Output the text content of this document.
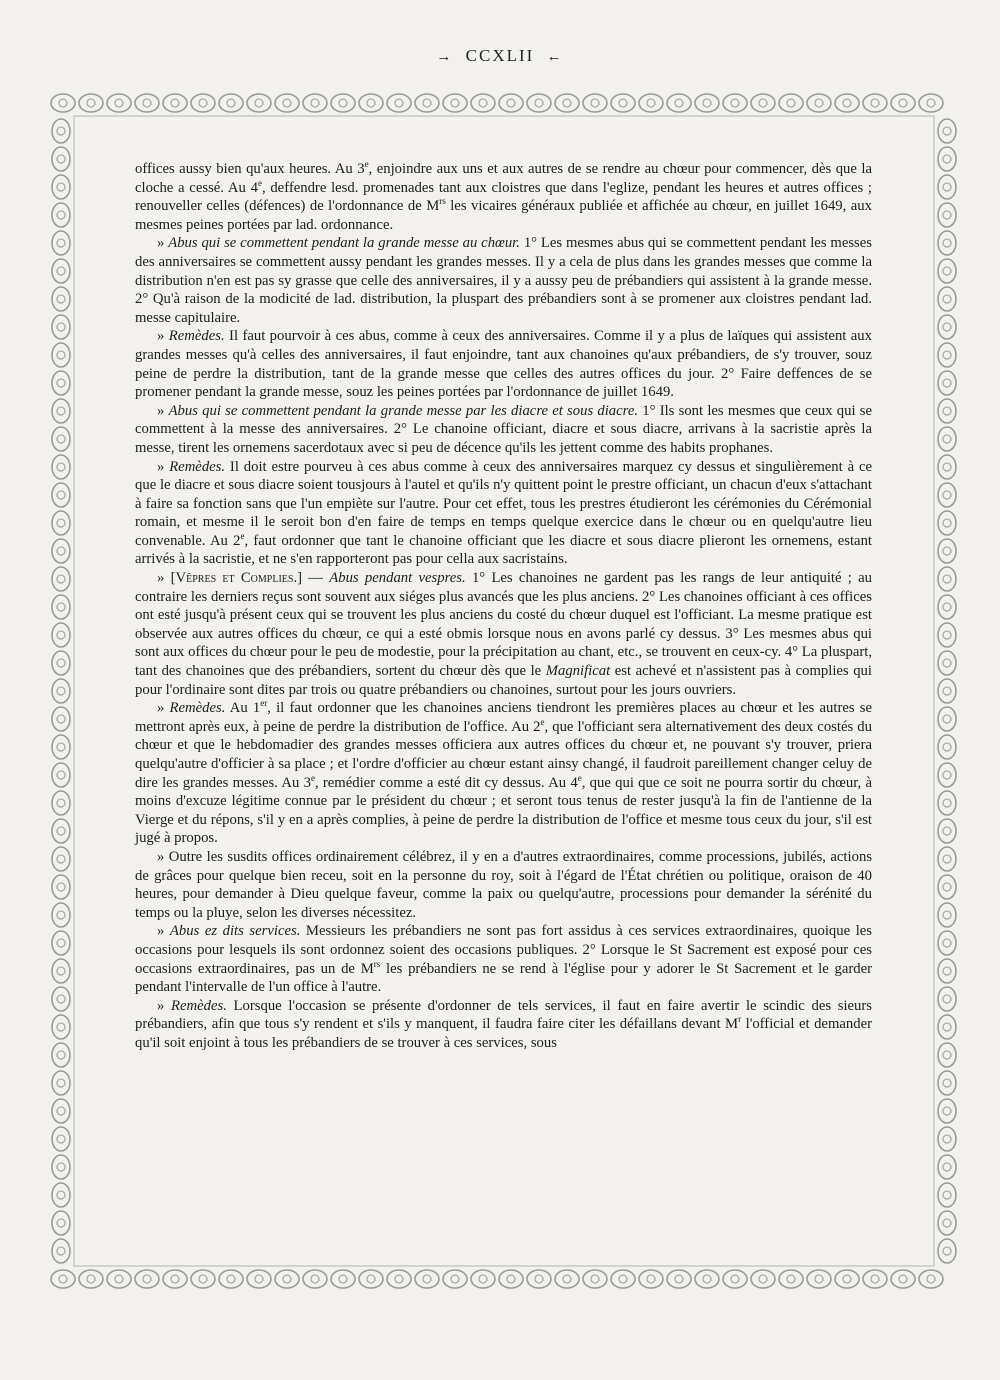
→ CCXLII ←

offices aussy bien qu'aux heures. Au 3e, enjoindre aux uns et aux autres de se rendre au chœur pour commencer, dès que la cloche a cessé. Au 4e, deffendre lesd. promenades tant aux cloistres que dans l'eglize, pendant les heures et autres offices ; renouveller celles (défences) de l'ordonnance de $M^{rs}$ les vicaires généraux publiée et affichée au chœur, en juillet 1649, aux mesmes peines portées par lad. ordonnance.

» Abus qui se commettent pendant la grande messe au chœur. 1° Les mesmes abus qui se commettent pendant les messes des anniversaires se commettent aussy pendant les grandes messes. Il y a cela de plus dans les grandes messes que comme la distribution n'en est pas sy grasse que celle des anniversaires, il y a aussy peu de prébandiers qui assistent à la grande messe. 2° Qu'à raison de la modicité de lad. distribution, la pluspart des prébandiers sont à se promener aux cloistres pendant lad. messe capitulaire.

» Remèdes. Il faut pourvoir à ces abus, comme à ceux des anniversaires. Comme il y a plus de laïques qui assistent aux grandes messes qu'à celles des anniversaires, il faut enjoindre, tant aux chanoines qu'aux prébandiers, de s'y trouver, souz peine de perdre la distribution, tant de la grande messe que celles des autres offices du jour. 2° Faire deffences de se promener pendant la grande messe, souz les peines portées par l'ordonnance de juillet 1649.

» Abus qui se commettent pendant la grande messe par les diacre et sous diacre. 1° Ils sont les mesmes que ceux qui se commettent à la messe des anniversaires. 2° Le chanoine officiant, diacre et sous diacre, arrivans à la sacristie après la messe, tirent les ornemens sacerdotaux avec si peu de décence qu'ils les jettent comme des habits prophanes.

» Remèdes. Il doit estre pourveu à ces abus comme à ceux des anniversaires marquez cy dessus et singulièrement à ce que le diacre et sous diacre soient tousjours à l'autel et qu'ils n'y quittent point le prestre officiant, un chacun d'eux s'attachant à faire sa fonction sans que l'un empiète sur l'autre. Pour cet effet, tous les prestres étudieront les cérémonies du Cérémonial romain, et mesme il le seroit bon d'en faire de temps en temps quelque exercice dans le chœur ou en quelqu'autre lieu convenable. Au 2e, faut ordonner que tant le chanoine officiant que les diacre et sous diacre plieront les ornemens, estant arrivés à la sacristie, et ne s'en rapporteront pas pour cella aux sacristains.

» [Vêpres et Complies.] — Abus pendant vespres. 1° Les chanoines ne gardent pas les rangs de leur antiquité ; au contraire les derniers reçus sont souvent aux siéges plus avancés que les plus anciens. 2° Les chanoines officiant à ces offices ont esté jusqu'à présent ceux qui se trouvent les plus anciens du costé du chœur duquel est l'officiant. La mesme pratique est observée aux autres offices du chœur, ce qui a esté obmis lorsque nous en avons parlé cy dessus. 3° Les mesmes abus qui sont aux offices du chœur pour le peu de modestie, pour la précipitation au chant, etc., se trouvent en ceux-cy. 4° La pluspart, tant des chanoines que des prébandiers, sortent du chœur dès que le Magnificat est achevé et n'assistent pas à complies qui pour l'ordinaire sont dites par trois ou quatre prébandiers ou chanoines, surtout pour les jours ouvriers.

» Remèdes. Au 1er, il faut ordonner que les chanoines anciens tiendront les premières places au chœur et les autres se mettront après eux, à peine de perdre la distribution de l'office. Au 2e, que l'officiant sera alternativement des deux costés du chœur et que le hebdomadier des grandes messes officiera aux autres offices du chœur et, ne pouvant s'y trouver, priera quelqu'autre d'officier à sa place ; et l'ordre d'officier au chœur estant ainsy changé, il faudroit pareillement changer celuy de dire les grandes messes. Au 3e, remédier comme a esté dit cy dessus. Au 4e, que qui que ce soit ne pourra sortir du chœur, à moins d'excuze légitime connue par le président du chœur ; et seront tous tenus de rester jusqu'à la fin de l'antienne de la Vierge et du répons, s'il y en a après complies, à peine de perdre la distribution de l'office et mesme tous ceux du jour, s'il est jugé à propos.

» Outre les susdits offices ordinairement célébrez, il y en a d'autres extraordinaires, comme processions, jubilés, actions de grâces pour quelque bien receu, soit en la personne du roy, soit à l'égard de l'État chrétien ou politique, oraison de 40 heures, pour demander à Dieu quelque faveur, comme la paix ou quelqu'autre, processions pour demander la sérénité du temps ou la pluye, selon les diverses nécessitez.

» Abus ez dits services. Messieurs les prébandiers ne sont pas fort assidus à ces services extraordinaires, quoique les occasions pour lesquels ils sont ordonnez soient des occasions publiques. 2° Lorsque le St Sacrement est exposé pour ces occasions extraordinaires, pas un de $M^{rs}$ les prébandiers ne se rend à l'église pour y adorer le St Sacrement et le garder pendant l'intervalle de l'un office à l'autre.

» Remèdes. Lorsque l'occasion se présente d'ordonner de tels services, il faut en faire avertir le scindic des sieurs prébandiers, afin que tous s'y rendent et s'ils y manquent, il faudra faire citer les défaillans devant $M^r$ l'official et demander qu'il soit enjoint à tous les prébandiers de se trouver à ces services, sous
